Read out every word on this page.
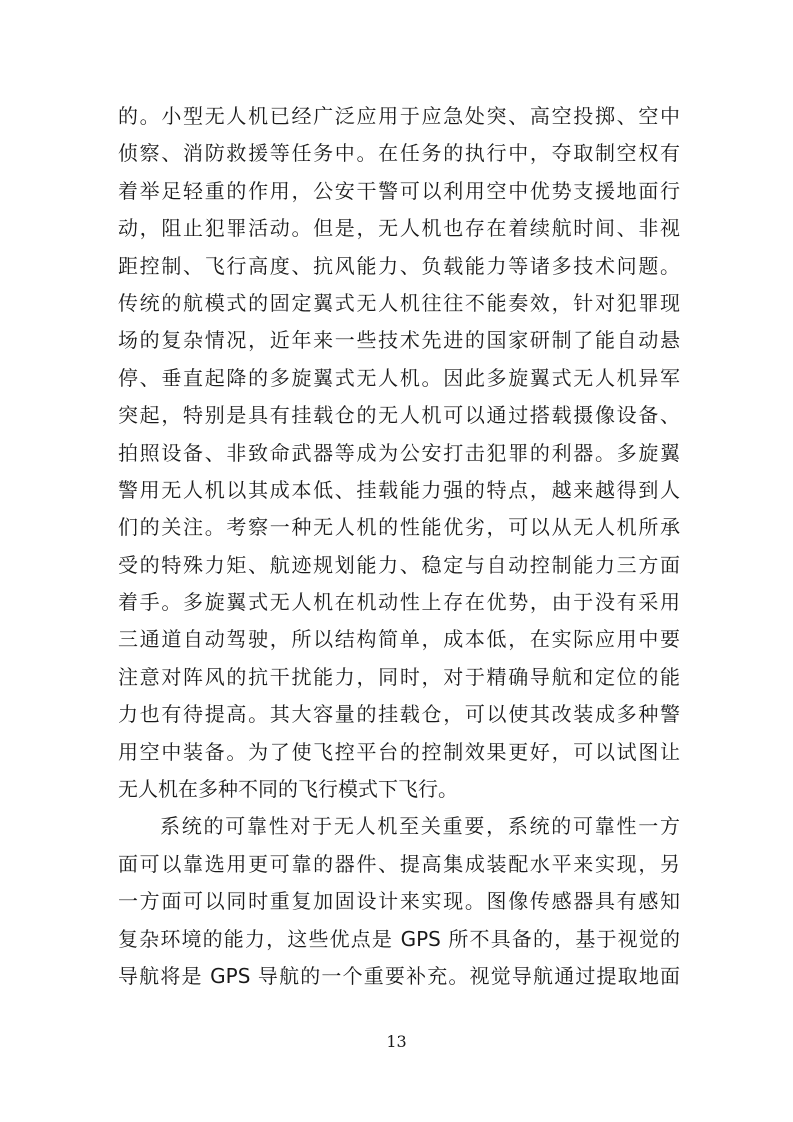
的。小型无人机已经广泛应用于应急处突、高空投掷、空中
侦察、消防救援等任务中。在任务的执行中，夺取制空权有
着举足轻重的作用，公安干警可以利用空中优势支援地面行
动，阻止犯罪活动。但是，无人机也存在着续航时间、非视
距控制、飞行高度、抗风能力、负载能力等诸多技术问题。
传统的航模式的固定翼式无人机往往不能奏效，针对犯罪现
场的复杂情况，近年来一些技术先进的国家研制了能自动悬
停、垂直起降的多旋翼式无人机。因此多旋翼式无人机异军
突起，特别是具有挂载仓的无人机可以通过搭载摄像设备、
拍照设备、非致命武器等成为公安打击犯罪的利器。多旋翼
警用无人机以其成本低、挂载能力强的特点，越来越得到人
们的关注。考察一种无人机的性能优劣，可以从无人机所承
受的特殊力矩、航迹规划能力、稳定与自动控制能力三方面
着手。多旋翼式无人机在机动性上存在优势，由于没有采用
三通道自动驾驶，所以结构简单，成本低，在实际应用中要
注意对阵风的抗干扰能力，同时，对于精确导航和定位的能
力也有待提高。其大容量的挂载仓，可以使其改装成多种警
用空中装备。为了使飞控平台的控制效果更好，可以试图让
无人机在多种不同的飞行模式下飞行。
系统的可靠性对于无人机至关重要，系统的可靠性一方
面可以靠选用更可靠的器件、提高集成装配水平来实现，另
一方面可以同时重复加固设计来实现。图像传感器具有感知
复杂环境的能力，这些优点是 GPS 所不具备的，基于视觉的
导航将是 GPS 导航的一个重要补充。视觉导航通过提取地面
13
